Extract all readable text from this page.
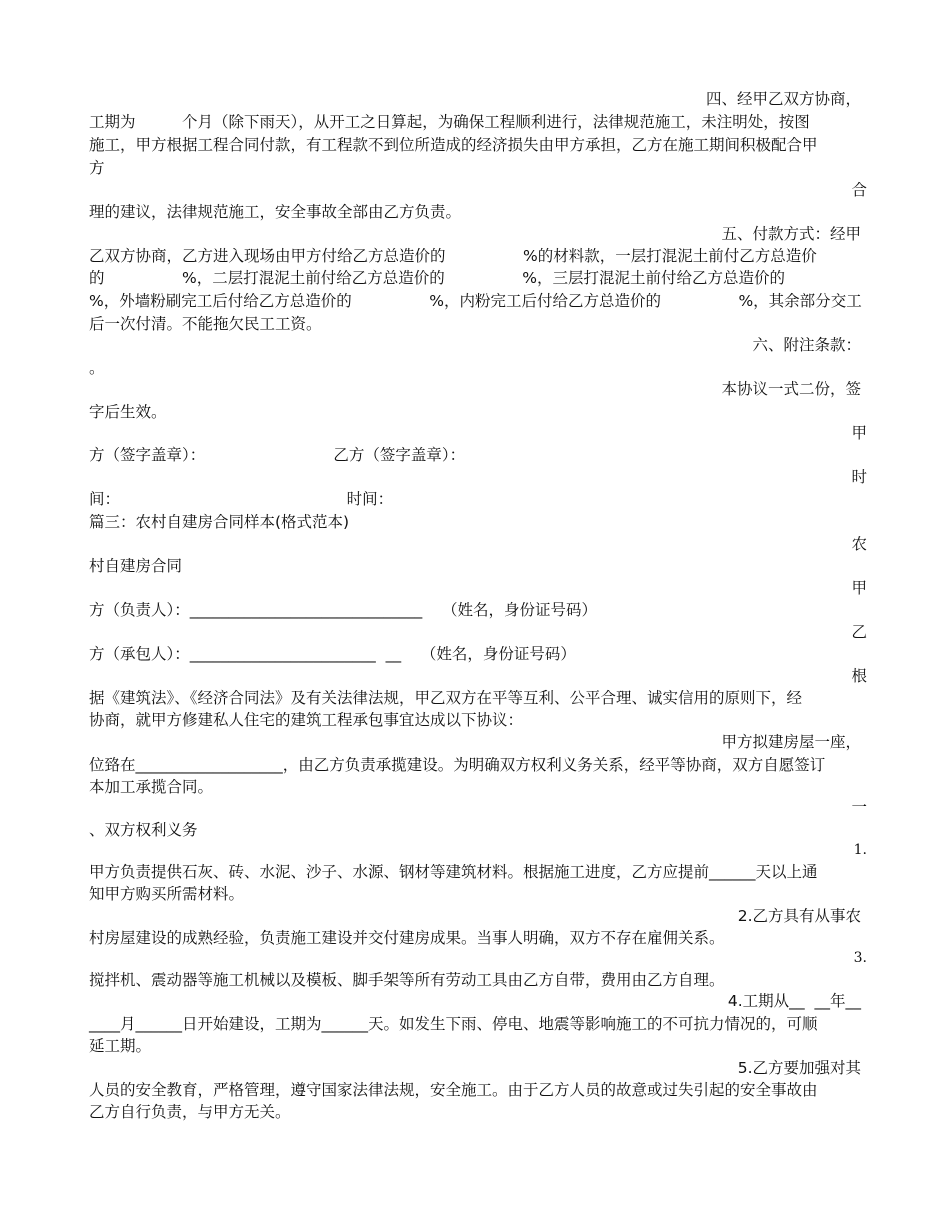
四、经甲乙双方协商，
工期为　　　个月（除下雨天），从开工之日算起，为确保工程顺利进行，法律规范施工，未注明处，按图
施工，甲方根据工程合同付款，有工程款不到位所造成的经济损失由甲方承担，乙方在施工期间积极配合甲
方
合
理的建议，法律规范施工，安全事故全部由乙方负责。
五、付款方式：经甲
乙双方协商，乙方进入现场由甲方付给乙方总造价的　　　　　%的材料款，一层打混泥土前付乙方总造价
的　　　　　%，二层打混泥土前付给乙方总造价的　　　　　%，三层打混泥土前付给乙方总造价的
%，外墙粉刷完工后付给乙方总造价的　　　　　%，内粉完工后付给乙方总造价的　　　　　%，其余部分交工
后一次付清。不能拖欠民工工资。
六、附注条款：
。
本协议一式二份，签
字后生效。
甲
方（签字盖章）：                          乙方（签字盖章）：
时
间：                                              时间：
篇三：农村自建房合同样本(格式范本)
农
村自建房合同
甲
方（负责人）：______________________________    （姓名，身份证号码）
乙
方（承包人）：________________________  __    （姓名，身份证号码）
根
据《建筑法》、《经济合同法》及有关法律法规，甲乙双方在平等互利、公平合理、诚实信用的原则下，经
协商，就甲方修建私人住宅的建筑工程承包事宜达成以下协议：
甲方拟建房屋一座，
位臵在___________________，由乙方负责承揽建设。为明确双方权利义务关系，经平等协商，双方自愿签订
本加工承揽合同。
一
、双方权利义务
1.
甲方负责提供石灰、砖、水泥、沙子、水源、钢材等建筑材料。根据施工进度，乙方应提前______天以上通
知甲方购买所需材料。
2.乙方具有从事农
村房屋建设的成熟经验，负责施工建设并交付建房成果。当事人明确，双方不存在雇佣关系。
3.
搅拌机、震动器等施工机械以及模板、脚手架等所有劳动工具由乙方自带，费用由乙方自理。
4.工期从__  __年__
____月______日开始建设，工期为______天。如发生下雨、停电、地震等影响施工的不可抗力情况的，可顺
延工期。
5.乙方要加强对其
人员的安全教育，严格管理，遵守国家法律法规，安全施工。由于乙方人员的故意或过失引起的安全事故由
乙方自行负责，与甲方无关。
